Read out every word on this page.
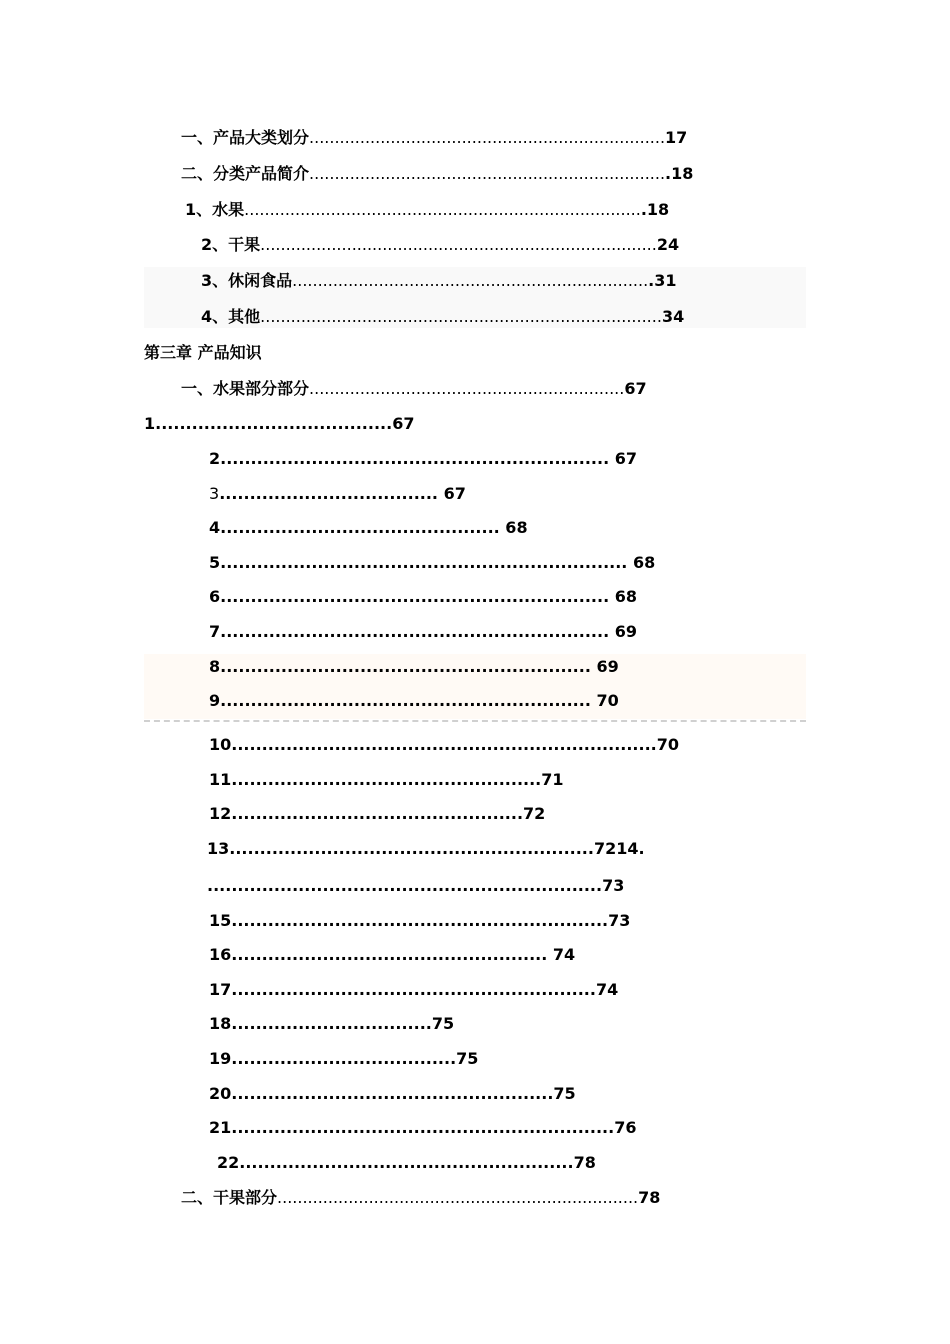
一、产品大类划分......................................................................17
二、分类产品简介.......................................................................18
1、水果...............................................................................18
2、干果..............................................................................24
3、休闲食品.......................................................................31
4、其他...............................................................................34
第三章 产品知识
一、水果部分部分..............................................................67
1.......................................67
2................................................................ 67
3.................................... 67
4.............................................. 68
5................................................................... 68
6................................................................ 68
7................................................................ 69
8............................................................. 69
9............................................................. 70
10......................................................................70
11...................................................71
12................................................72
13............................................................7214.
.................................................................73
15..............................................................73
16.................................................... 74
17............................................................74
18.................................75
19.....................................75
20.....................................................75
21...............................................................76
22.......................................................78
二、干果部分.......................................................................78
